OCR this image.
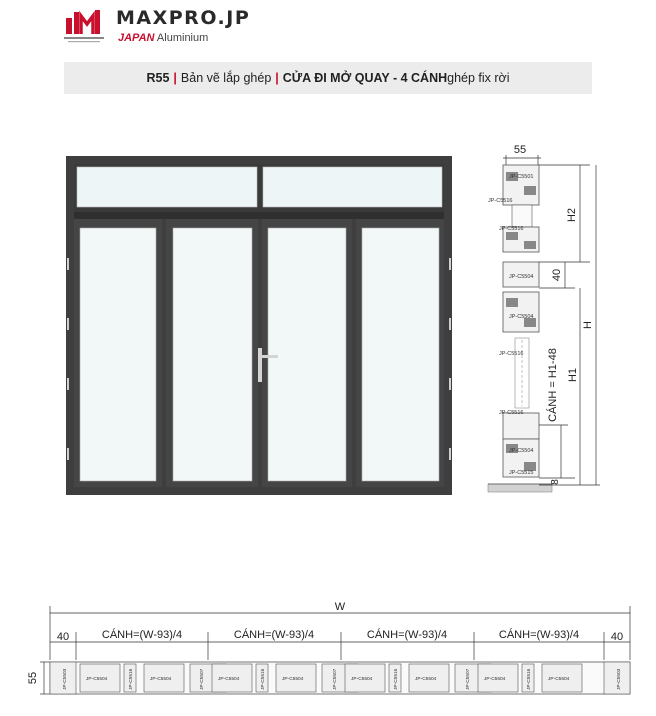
MAXPRO.JP
JAPAN Aluminium
R55 | Bản vẽ lắp ghép | CỬA ĐI MỞ QUAY - 4 CÁNH ghép fix rời
55
JP-C5501
JP-C5516
JP-C5516
JP-C5504
JP-C5504
JP-C5516
JP-C5516
JP-C5504
JP-C5515
H2
H
H1
40
CÁNH = H1-48
8
W
40	40
55
CÁNH=(W-93)/4	CÁNH=(W-93)/4	CÁNH=(W-93)/4	CÁNH=(W-93)/4
JP-C5503	JP-C5504	JP-C5516	JP-C5504	JP-C5507	JP-C5504	JP-C5516	JP-C5504	JP-C5507	JP-C5504	JP-C5516	JP-C5504	JP-C5507	JP-C5504	JP-C5516	JP-C5504	JP-C5503
